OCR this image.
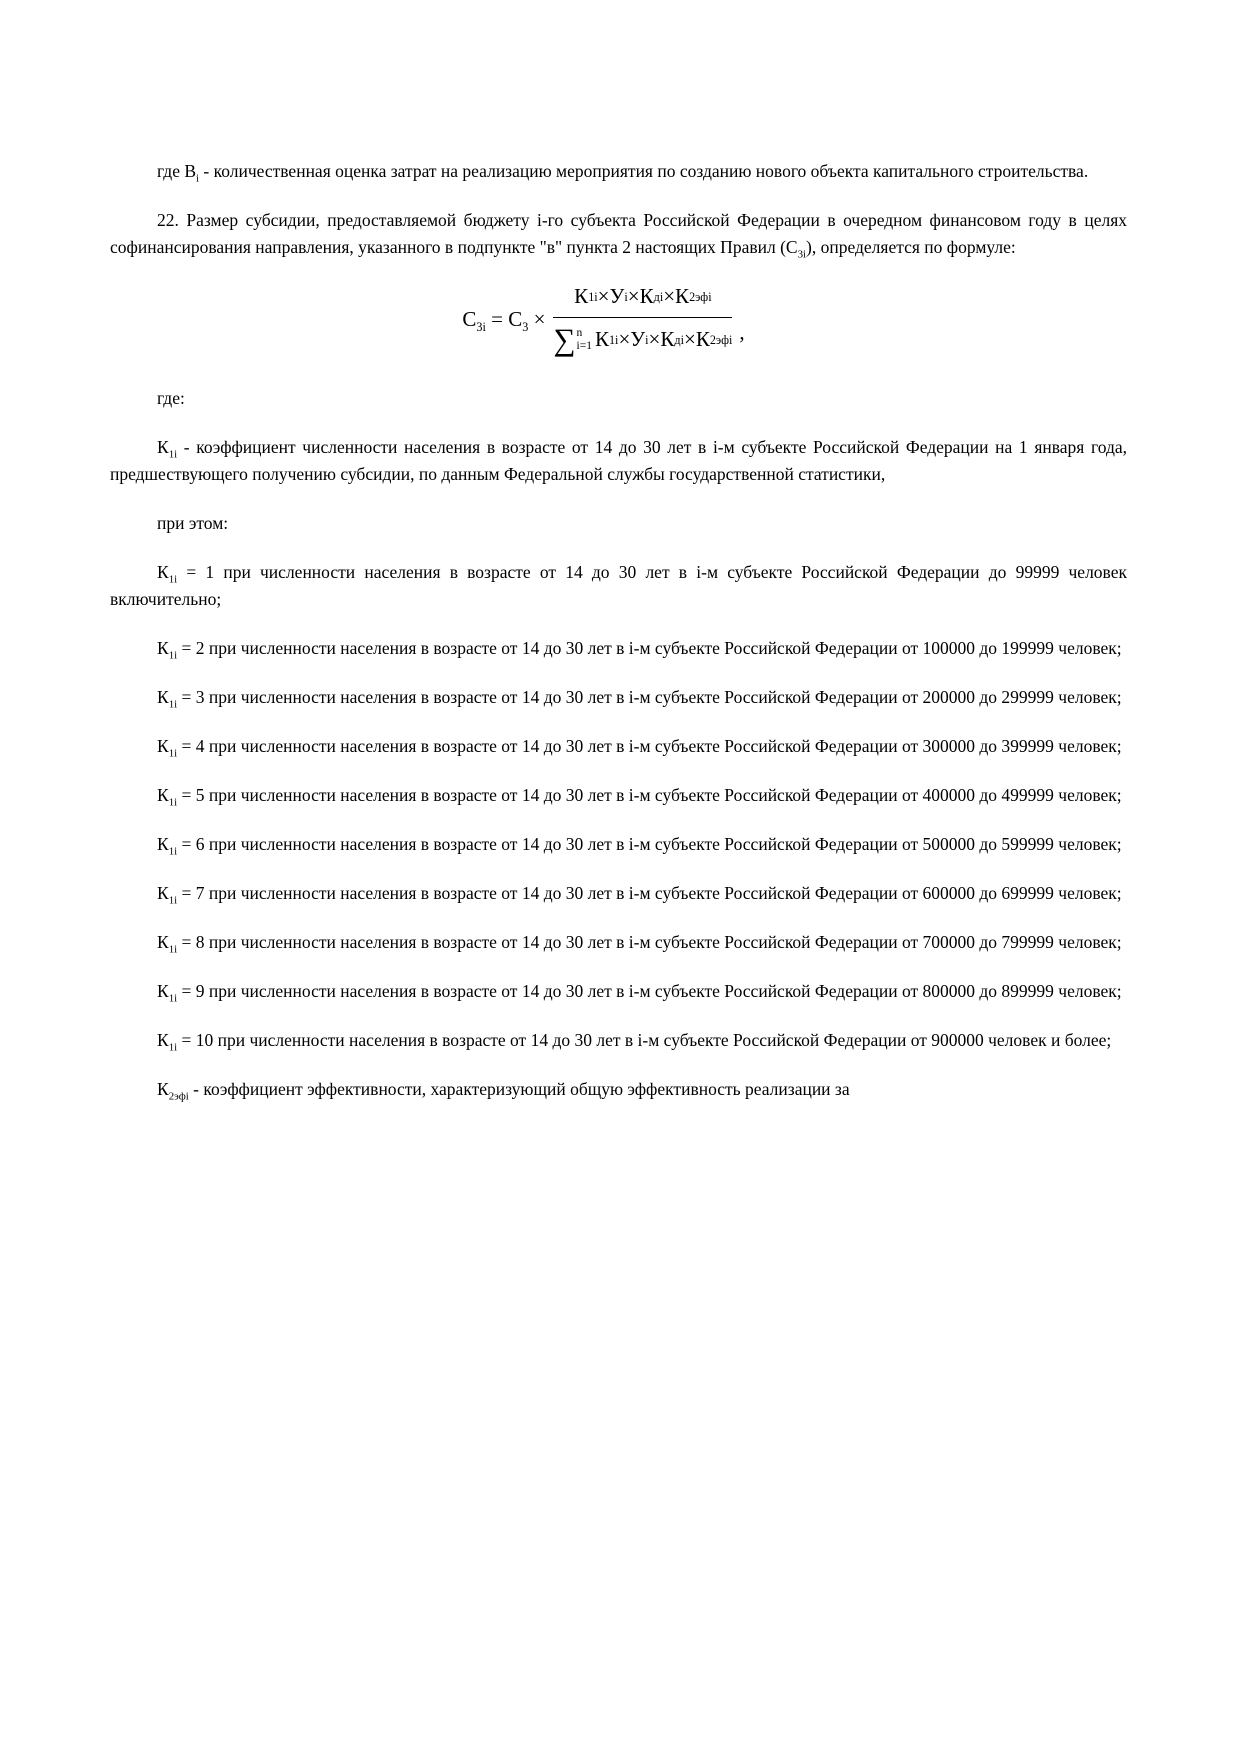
где $В_i$ - количественная оценка затрат на реализацию мероприятия по созданию нового объекта капитального строительства.

22. Размер субсидии, предоставляемой бюджету i-го субъекта Российской Федерации в очередном финансовом году в целях софинансирования направления, указанного в подпункте "в" пункта 2 настоящих Правил $(С_{3i})$, определяется по формуле:

$С_{3i} = С_3 \times К$ 1i × У i × К дi × К 2эфi
∑ n
i=1 К 1i × У i × К дi × К 2эфi ,

где:

$К_{1i}$ - коэффициент численности населения в возрасте от 14 до 30 лет в i-м субъекте Российской Федерации на 1 января года, предшествующего получению субсидии, по данным Федеральной службы государственной статистики,

при этом:

$К_{1i} = 1$ при численности населения в возрасте от 14 до 30 лет в i-м субъекте Российской Федерации до 99999 человек включительно;

$К_{1i} = 2$ при численности населения в возрасте от 14 до 30 лет в i-м субъекте Российской Федерации от 100000 до 199999 человек;

$К_{1i} = 3$ при численности населения в возрасте от 14 до 30 лет в i-м субъекте Российской Федерации от 200000 до 299999 человек;

$К_{1i} = 4$ при численности населения в возрасте от 14 до 30 лет в i-м субъекте Российской Федерации от 300000 до 399999 человек;

$К_{1i} = 5$ при численности населения в возрасте от 14 до 30 лет в i-м субъекте Российской Федерации от 400000 до 499999 человек;

$К_{1i} = 6$ при численности населения в возрасте от 14 до 30 лет в i-м субъекте Российской Федерации от 500000 до 599999 человек;

$К_{1i} = 7$ при численности населения в возрасте от 14 до 30 лет в i-м субъекте Российской Федерации от 600000 до 699999 человек;

$К_{1i} = 8$ при численности населения в возрасте от 14 до 30 лет в i-м субъекте Российской Федерации от 700000 до 799999 человек;

$К_{1i} = 9$ при численности населения в возрасте от 14 до 30 лет в i-м субъекте Российской Федерации от 800000 до 899999 человек;

$К_{1i} = 10$ при численности населения в возрасте от 14 до 30 лет в i-м субъекте Российской Федерации от 900000 человек и более;

$К_{2эфi}$ - коэффициент эффективности, характеризующий общую эффективность реализации за
